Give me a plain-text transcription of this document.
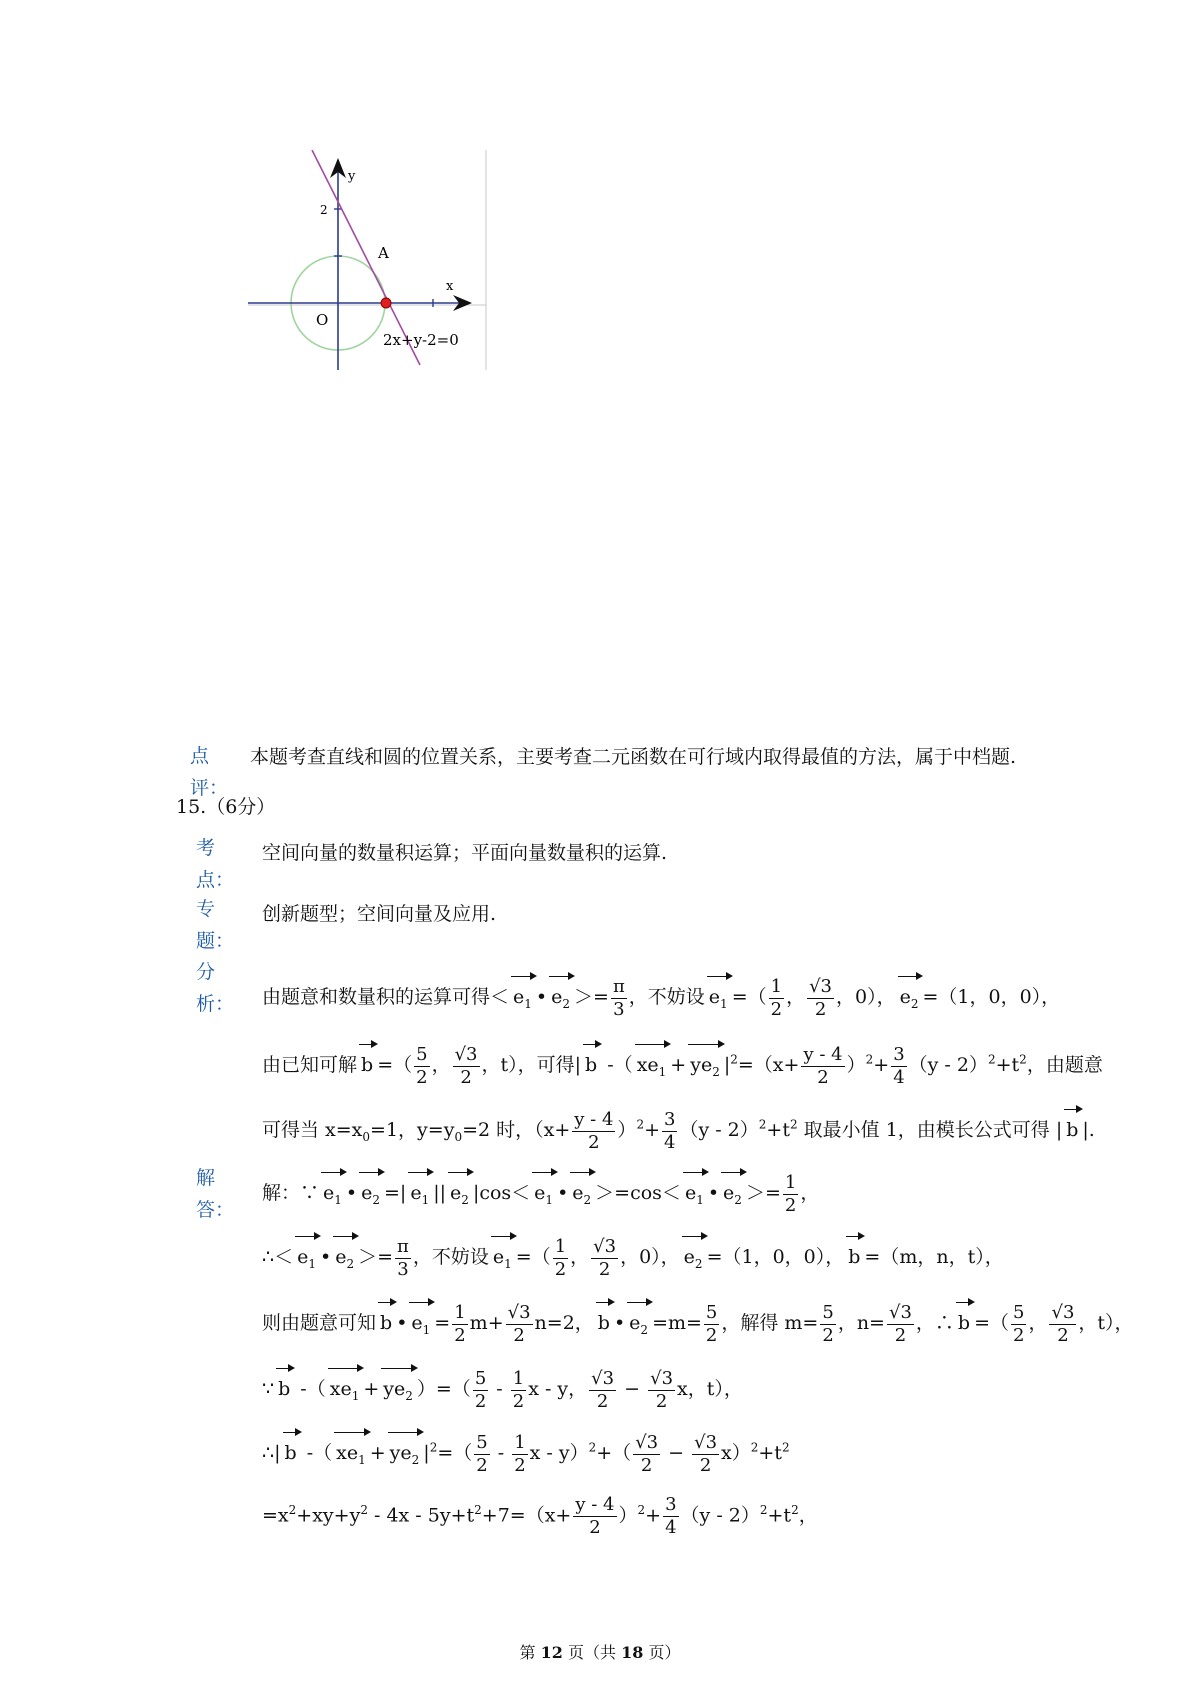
x
y
2
A
O
2x+y-2=0
点
评：
本题考查直线和圆的位置关系，主要考查二元函数在可行域内取得最值的方法，属于中档题.
15.（6分）
考
点：
空间向量的数量积运算；平面向量数量积的运算.
专
题：
创新题型；空间向量及应用.
分
析： 由题意和数量积的运算可得＜ $e_1$ • $e_2 >= \frac{\pi}{3}$ ，不妨设 $e_1$ =（ $\frac{1}{2}$ ， $\frac{√3}{2}$ ，0）， $e_2 =(1$，0，0），
由已知可解 b =（ $\frac{5}{2}$ ， $\frac{√3}{2}$ ，t），可得| b -（ $xe_1 + ye_2$ $|^2=(x+ \frac{y - 4}{2} )^2+ \frac{3}{4} (y - 2)^2+t^2$，由题意
可得当 $x=x_0=1$，$y=y_0=2$ 时，$(x+ \frac{y - 4}{2} )^2+ \frac{3}{4} (y - 2)^2+t^2$ 取最小值 1，由模长公式可得 | b |.
解
答：
解：∵ $e_1$ • $e_2$ =| $e_1$ || $e_2$ $|\cos< e_1$ • $e_2 >=\cos< e_1$ • $e_2 >= \frac{1}{2}$ ，
∴＜ $e_1$ • $e_2 >= \frac{\pi}{3}$ ，不妨设 $e_1$ =（ $\frac{1}{2}$ ， $\frac{√3}{2}$ ，0）， $e_2 =(1$，0，0）， b =（m，n，t），
则由题意可知 b • $e_1 = \frac{1}{2} m+ \frac{√3}{2} n=2$， b • $e_2 =m= \frac{5}{2}$ ，解得 $m= \frac{5}{2}$ ，$n= \frac{√3}{2}$ ，∴ b =（ $\frac{5}{2}$ ， $\frac{√3}{2}$ ，t），
∵ b -（ $xe_1 + ye_2$ ）=（ $\frac{5}{2} - \frac{1}{2}$ x - y， $\frac{√3}{2} - \frac{√3}{2}$ x，t），
∴| b -（ $xe_1 + ye_2$ $|^2=( \frac{5}{2} - \frac{1}{2}$ $x - y)^2+( \frac{√3}{2} - \frac{√3}{2} x)^2+t^2$
$=x^2+xy+y^2 - 4x - 5y+t^2+7=(x+ \frac{y - 4}{2} )^2+ \frac{3}{4} (y - 2)^2+t^2$，
第 12 页（共 18 页）
